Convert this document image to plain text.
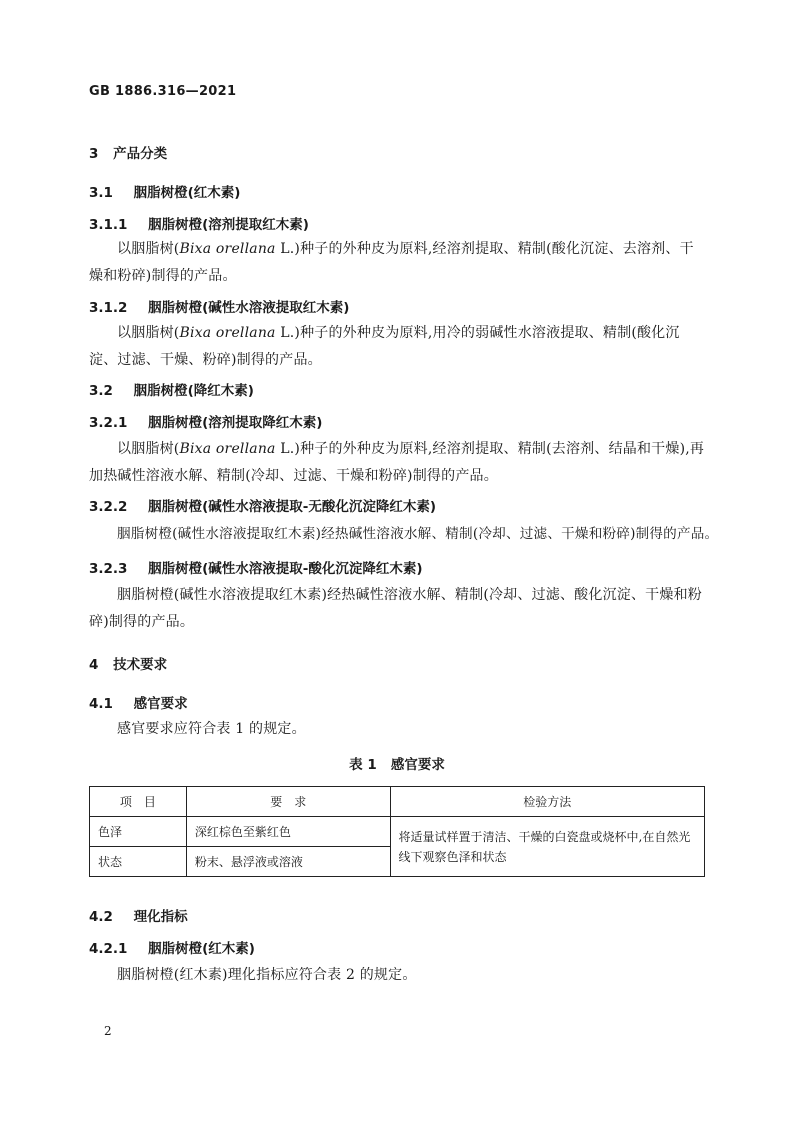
GB 1886.316—2021
3 产品分类
3.1 胭脂树橙(红木素)
3.1.1 胭脂树橙(溶剂提取红木素)
以胭脂树(Bixa orellana L.)种子的外种皮为原料,经溶剂提取、精制(酸化沉淀、去溶剂、干燥和粉碎)制得的产品。
3.1.2 胭脂树橙(碱性水溶液提取红木素)
以胭脂树(Bixa orellana L.)种子的外种皮为原料,用冷的弱碱性水溶液提取、精制(酸化沉淀、过滤、干燥、粉碎)制得的产品。
3.2 胭脂树橙(降红木素)
3.2.1 胭脂树橙(溶剂提取降红木素)
以胭脂树(Bixa orellana L.)种子的外种皮为原料,经溶剂提取、精制(去溶剂、结晶和干燥),再加热碱性溶液水解、精制(冷却、过滤、干燥和粉碎)制得的产品。
3.2.2 胭脂树橙(碱性水溶液提取-无酸化沉淀降红木素)
胭脂树橙(碱性水溶液提取红木素)经热碱性溶液水解、精制(冷却、过滤、干燥和粉碎)制得的产品。
3.2.3 胭脂树橙(碱性水溶液提取-酸化沉淀降红木素)
胭脂树橙(碱性水溶液提取红木素)经热碱性溶液水解、精制(冷却、过滤、酸化沉淀、干燥和粉碎)制得的产品。
4 技术要求
4.1 感官要求
感官要求应符合表 1 的规定。
表 1   感官要求
项　目	要　求	检验方法
色泽	深红棕色至紫红色	将适量试样置于清洁、干燥的白瓷盘或烧杯中,在自然光线下观察色泽和状态
状态	粉末、悬浮液或溶液	
4.2 理化指标
4.2.1 胭脂树橙(红木素)
胭脂树橙(红木素)理化指标应符合表 2 的规定。
2
